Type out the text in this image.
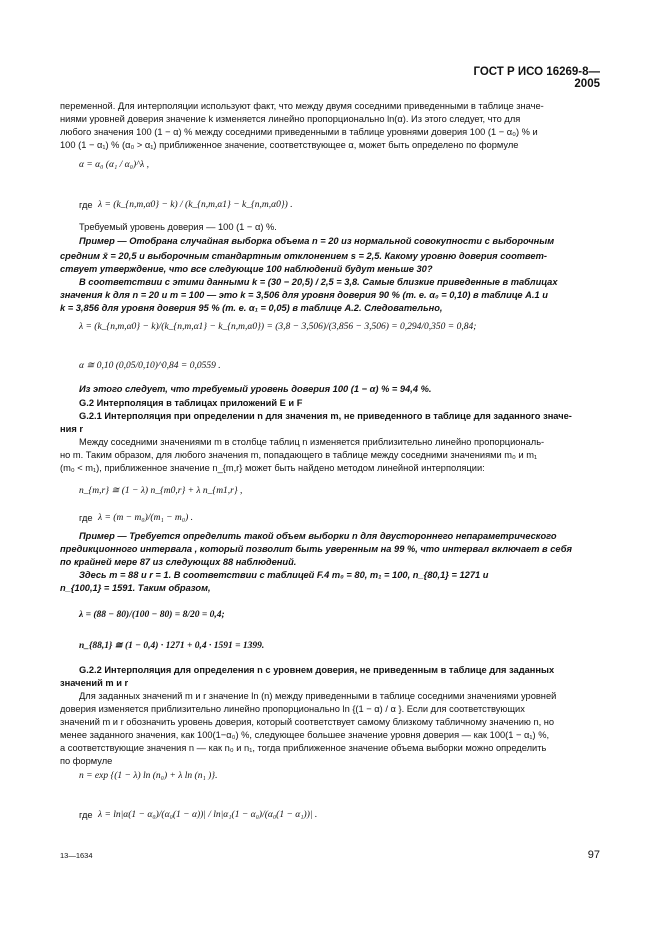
ГОСТ Р ИСО 16269-8—2005
переменной. Для интерполяции используют факт, что между двумя соседними приведенными в таблице значе-
ниями уровней доверия значение k изменяется линейно пропорционально ln(α). Из этого следует, что для
любого значения 100 (1 − α) % между соседними приведенными в таблице уровнями доверия 100 (1 − α₀) % и
100 (1 − α₁) % (α₀ > α₁) приближенное значение, соответствующее α, может быть определено по формуле
α = α₀ (α₁ / α₀)^λ ,
где λ = (k_{n,m,α0} − k) / (k_{n,m,α1} − k_{n,m,α0}) .
Требуемый уровень доверия — 100 (1 − α) %.
Пример — Отобрана случайная выборка объема n = 20 из нормальной совокупности с выборочным
средним x̄ = 20,5 и выборочным стандартным отклонением s = 2,5. Какому уровню доверия соответ-
ствует утверждение, что все следующие 100 наблюдений будут меньше 30?
В соответствии с этими данными k = (30 − 20,5) / 2,5 = 3,8. Самые близкие приведенные в таблицах
значения k для n = 20 и m = 100 — это k = 3,506 для уровня доверия 90 % (т. е. α₀ = 0,10) в таблице A.1 и
k = 3,856 для уровня доверия 95 % (т. е. α₁ = 0,05) в таблице A.2. Следовательно,
λ = (k_{n,m,α0} − k)/(k_{n,m,α1} − k_{n,m,α0}) = (3,8 − 3,506)/(3,856 − 3,506) = 0,294/0,350 = 0,84;
α ≅ 0,10 (0,05/0,10)^0,84 = 0,0559 .
Из этого следует, что требуемый уровень доверия 100 (1 − α) % = 94,4 %.
G.2 Интерполяция в таблицах приложений E и F
G.2.1 Интерполяция при определении n для значения m, не приведенного в таблице для заданного значе-
ния r
Между соседними значениями m в столбце таблиц n изменяется приблизительно линейно пропорциональ-
но m. Таким образом, для любого значения m, попадающего в таблице между соседними значениями m₀ и m₁
(m₀ < m₁), приближенное значение n_{m,r} может быть найдено методом линейной интерполяции:
n_{m,r} ≅ (1 − λ) n_{m0,r} + λ n_{m1,r} ,
где λ = (m − m₀)/(m₁ − m₀) .
Пример — Требуется определить такой объем выборки n для двустороннего непараметрического
предикционного интервала , который позволит быть уверенным на 99 %, что интервал включает в себя
по крайней мере 87 из следующих 88 наблюдений.
Здесь m = 88 и r = 1. В соответствии с таблицей F.4 m₀ = 80, m₁ = 100, n_{80,1} = 1271 и
n_{100,1} = 1591. Таким образом,
λ = (88 − 80)/(100 − 80) = 8/20 = 0,4;
n_{88,1} ≅ (1 − 0,4) · 1271 + 0,4 · 1591 = 1399.
G.2.2 Интерполяция для определения n с уровнем доверия, не приведенным в таблице для заданных
значений m и r
Для заданных значений m и r значение ln (n) между приведенными в таблице соседними значениями уровней
доверия изменяется приблизительно линейно пропорционально ln {(1 − α) / α }. Если для соответствующих
значений m и r обозначить уровень доверия, который соответствует самому близкому табличному значению n, но
менее заданного значения, как 100(1−α₀) %, следующее большее значение уровня доверия — как 100(1 − α₁) %,
а соответствующие значения n — как n₀ и n₁, тогда приближенное значение объема выборки можно определить
по формуле
n = exp {(1 − λ) ln (n₀) + λ ln (n₁ )}.
где λ = ln|α(1 − α₀)/(α₀(1 − α))| / ln|α₁(1 − α₀)/(α₀(1 − α₁))| .
13—1634	97
